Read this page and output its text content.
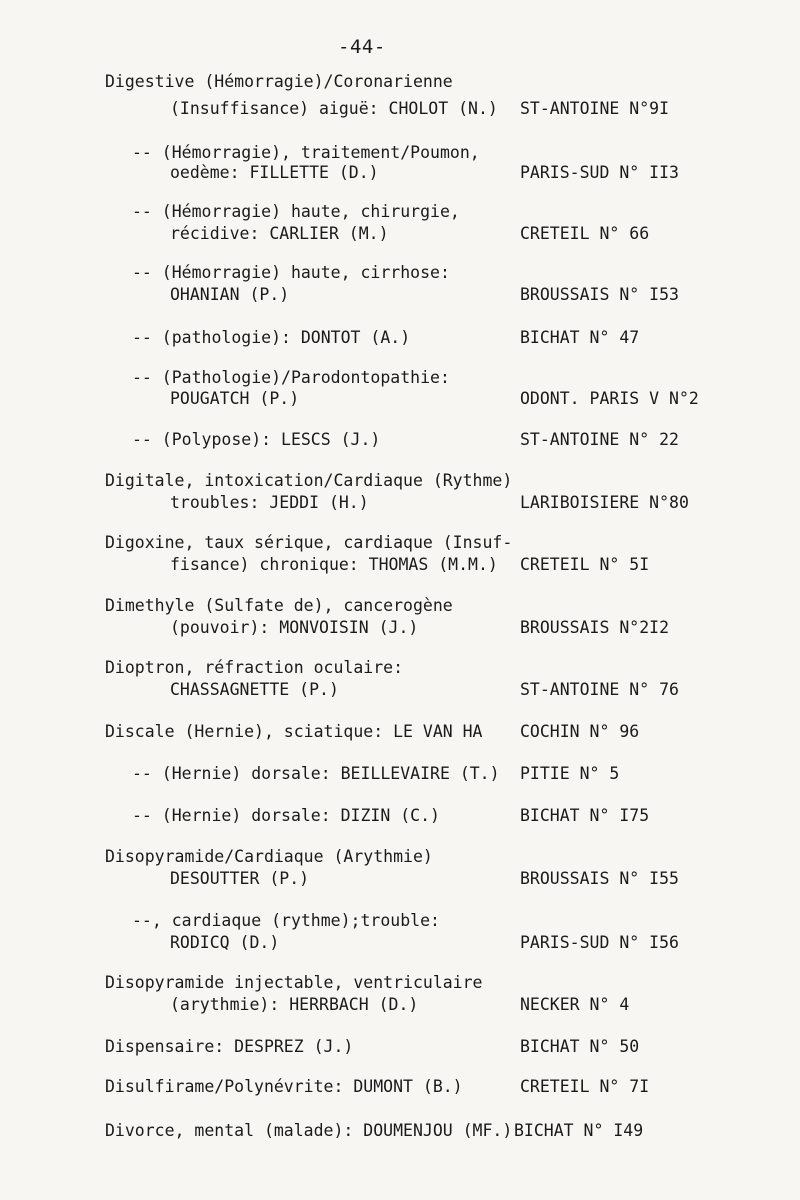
-44-
Digestive (Hémorragie)/Coronarienne
(Insuffisance) aiguë: CHOLOT (N.) ST-ANTOINE N°9I
-- (Hémorragie), traitement/Poumon,
oedème: FILLETTE (D.)	PARIS-SUD N° II3
-- (Hémorragie) haute, chirurgie,
récidive: CARLIER (M.)	CRETEIL N° 66
-- (Hémorragie) haute, cirrhose:
OHANIAN (P.)	BROUSSAIS N° I53
-- (pathologie): DONTOT (A.)	BICHAT N° 47
-- (Pathologie)/Parodontopathie:
POUGATCH (P.)	ODONT. PARIS V N°2
-- (Polypose): LESCS (J.)	ST-ANTOINE N° 22
Digitale, intoxication/Cardiaque (Rythme)
troubles: JEDDI (H.)	LARIBOISIERE N°80
Digoxine, taux sérique, cardiaque (Insuf-
fisance) chronique: THOMAS (M.M.) CRETEIL N° 5I
Dimethyle (Sulfate de), cancerogène
(pouvoir): MONVOISIN (J.)	BROUSSAIS N°2I2
Dioptron, réfraction oculaire:
CHASSAGNETTE (P.)	ST-ANTOINE N° 76
Discale (Hernie), sciatique: LE VAN HA COCHIN N° 96
-- (Hernie) dorsale: BEILLEVAIRE (T.) PITIE N° 5
-- (Hernie) dorsale: DIZIN (C.)	BICHAT N° I75
Disopyramide/Cardiaque (Arythmie)
DESOUTTER (P.)	BROUSSAIS N° I55
--, cardiaque (rythme);trouble:
RODICQ (D.)	PARIS-SUD N° I56
Disopyramide injectable, ventriculaire
(arythmie): HERRBACH (D.)	NECKER N° 4
Dispensaire: DESPREZ (J.)	BICHAT N° 50
Disulfirame/Polynévrite: DUMONT (B.)	CRETEIL N° 7I
Divorce, mental (malade): DOUMENJOU (MF.) BICHAT N° I49
